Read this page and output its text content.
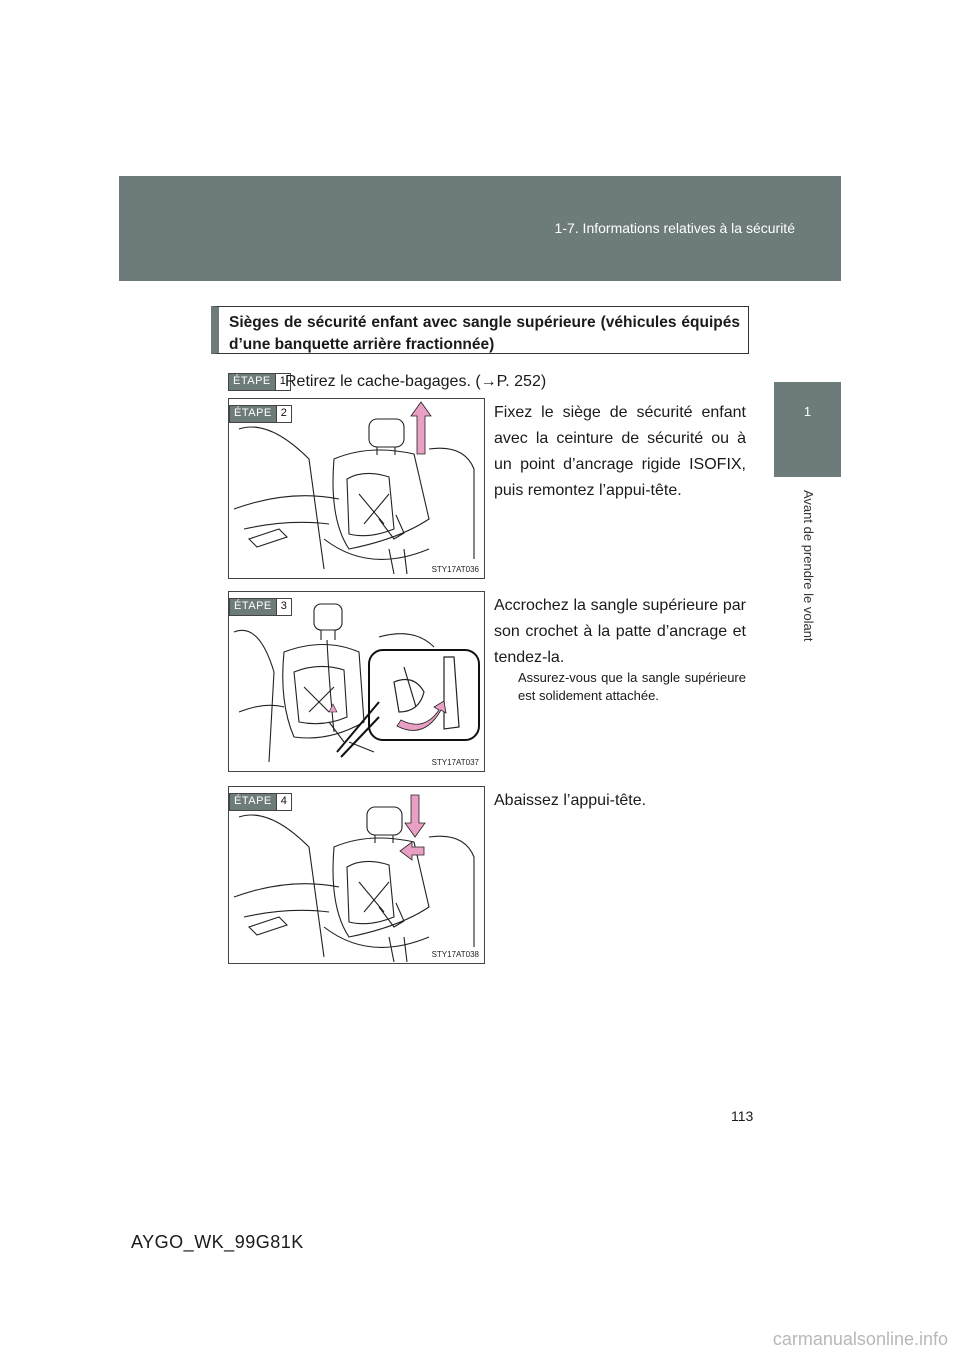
1-7. Informations relatives à la sécurité
1
Avant de prendre le volant
Sièges de sécurité enfant avec sangle supérieure (véhicules équipés d’une banquette arrière fractionnée)
ÉTAPE 1 Retirez le cache-bagages. (→P. 252)
ÉTAPE 2
STY17AT036
Fixez le siège de sécurité enfant avec la ceinture de sécurité ou à un point d’ancrage rigide ISOFIX, puis remontez l’appui-tête.
ÉTAPE 3
STY17AT037
Accrochez la sangle supérieure par son crochet à la patte d’ancrage et tendez-la.
Assurez-vous que la sangle supérieure est solidement attachée.
ÉTAPE 4
STY17AT038
Abaissez l’appui-tête.
113
AYGO_WK_99G81K
carmanualsonline.info
